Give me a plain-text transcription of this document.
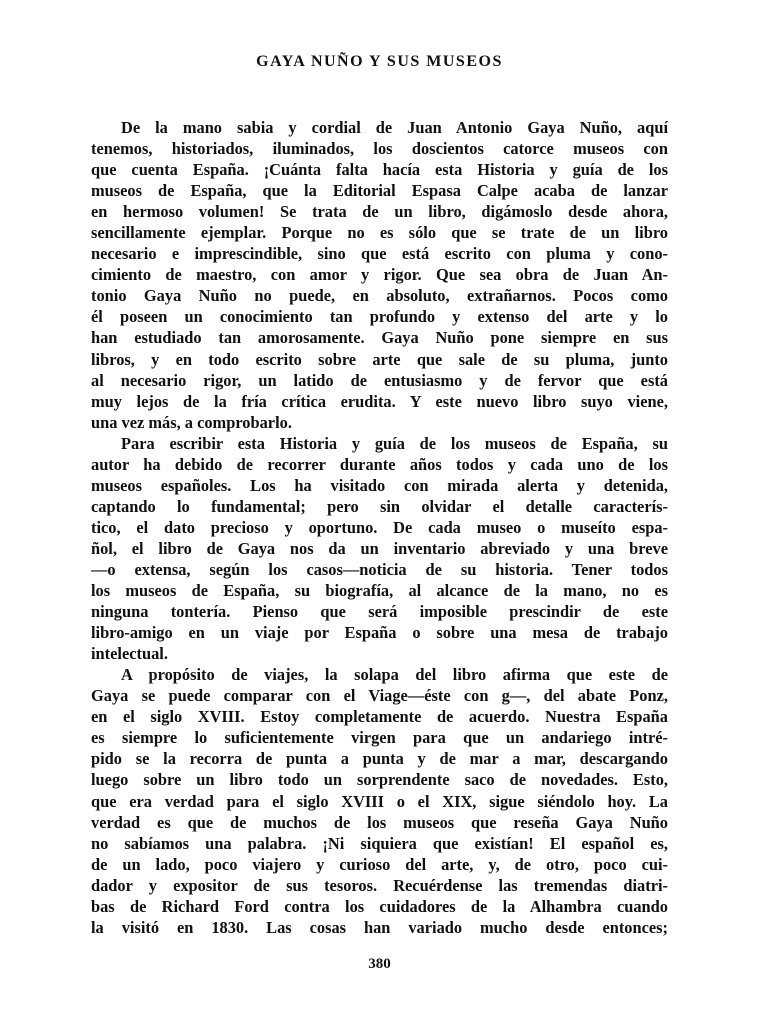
GAYA NUÑO Y SUS MUSEOS
De la mano sabia y cordial de Juan Antonio Gaya Nuño, aquí
tenemos, historiados, iluminados, los doscientos catorce museos con
que cuenta España. ¡Cuánta falta hacía esta Historia y guía de los
museos de España, que la Editorial Espasa Calpe acaba de lanzar
en hermoso volumen! Se trata de un libro, digámoslo desde ahora,
sencillamente ejemplar. Porque no es sólo que se trate de un libro
necesario e imprescindible, sino que está escrito con pluma y cono-
cimiento de maestro, con amor y rigor. Que sea obra de Juan An-
tonio Gaya Nuño no puede, en absoluto, extrañarnos. Pocos como
él poseen un conocimiento tan profundo y extenso del arte y lo
han estudiado tan amorosamente. Gaya Nuño pone siempre en sus
libros, y en todo escrito sobre arte que sale de su pluma, junto
al necesario rigor, un latido de entusiasmo y de fervor que está
muy lejos de la fría crítica erudita. Y este nuevo libro suyo viene,
una vez más, a comprobarlo.
Para escribir esta Historia y guía de los museos de España, su
autor ha debido de recorrer durante años todos y cada uno de los
museos españoles. Los ha visitado con mirada alerta y detenida,
captando lo fundamental; pero sin olvidar el detalle caracterís-
tico, el dato precioso y oportuno. De cada museo o museíto espa-
ñol, el libro de Gaya nos da un inventario abreviado y una breve
—o extensa, según los casos—noticia de su historia. Tener todos
los museos de España, su biografía, al alcance de la mano, no es
ninguna tontería. Pienso que será imposible prescindir de este
libro-amigo en un viaje por España o sobre una mesa de trabajo
intelectual.
A propósito de viajes, la solapa del libro afirma que este de
Gaya se puede comparar con el Viage—éste con g—, del abate Ponz,
en el siglo XVIII. Estoy completamente de acuerdo. Nuestra España
es siempre lo suficientemente virgen para que un andariego intré-
pido se la recorra de punta a punta y de mar a mar, descargando
luego sobre un libro todo un sorprendente saco de novedades. Esto,
que era verdad para el siglo XVIII o el XIX, sigue siéndolo hoy. La
verdad es que de muchos de los museos que reseña Gaya Nuño
no sabíamos una palabra. ¡Ni siquiera que existían! El español es,
de un lado, poco viajero y curioso del arte, y, de otro, poco cui-
dador y expositor de sus tesoros. Recuérdense las tremendas diatri-
bas de Richard Ford contra los cuidadores de la Alhambra cuando
la visitó en 1830. Las cosas han variado mucho desde entonces;
380
